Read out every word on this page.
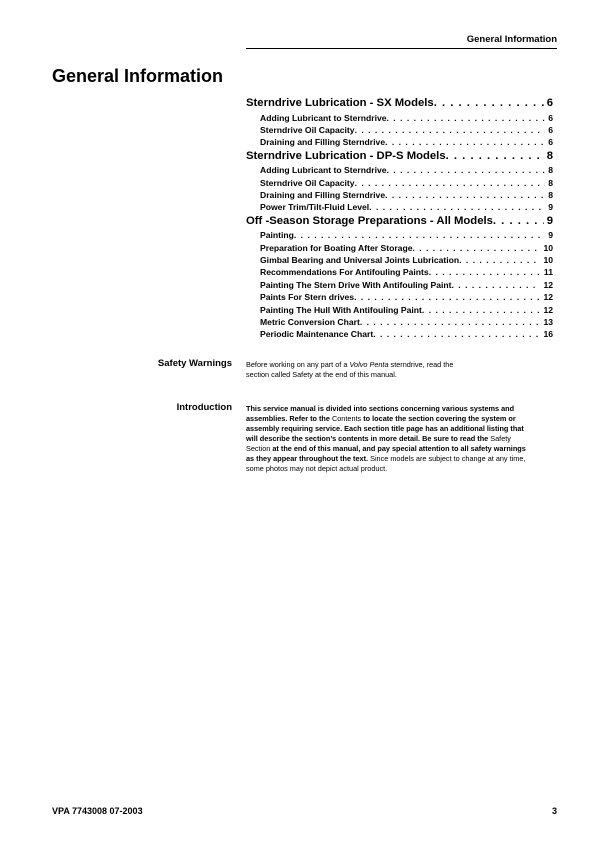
General Information
General Information
Sterndrive Lubrication - SX Models . . .	6
Adding Lubricant to Sterndrive . . .	6
Sterndrive Oil Capacity . . .	6
Draining and Filling Sterndrive . . .	6
Sterndrive Lubrication - DP-S Models . . .	8
Adding Lubricant to Sterndrive . . .	8
Sterndrive Oil Capacity . . .	8
Draining and Filling Sterndrive . . .	8
Power Trim/Tilt-Fluid Level . . .	9
Off -Season Storage Preparations - All Models . . .	9
Painting . . .	9
Preparation for Boating After Storage . . .	10
Gimbal Bearing and Universal Joints Lubrication . . .	10
Recommendations For Antifouling Paints . . .	11
Painting The Stern Drive With Antifouling Paint . . .	12
Paints For Stern drives . . .	12
Painting The Hull With Antifouling Paint . . .	12
Metric Conversion Chart . . .	13
Periodic Maintenance Chart . . .	16
Safety Warnings Before working on any part of a Volvo Penta sterndrive, read the
section called Safety at the end of this manual.
Introduction This service manual is divided into sections concerning various systems and
assemblies. Refer to the Contents to locate the section covering the system or
assembly requiring service. Each section title page has an additional listing that
will describe the section’s contents in more detail. Be sure to read the Safety
Section at the end of this manual, and pay special attention to all safety warnings
as they appear throughout the text. Since models are subject to change at any time,
some photos may not depict actual product.
VPA 7743008 07-2003	3
